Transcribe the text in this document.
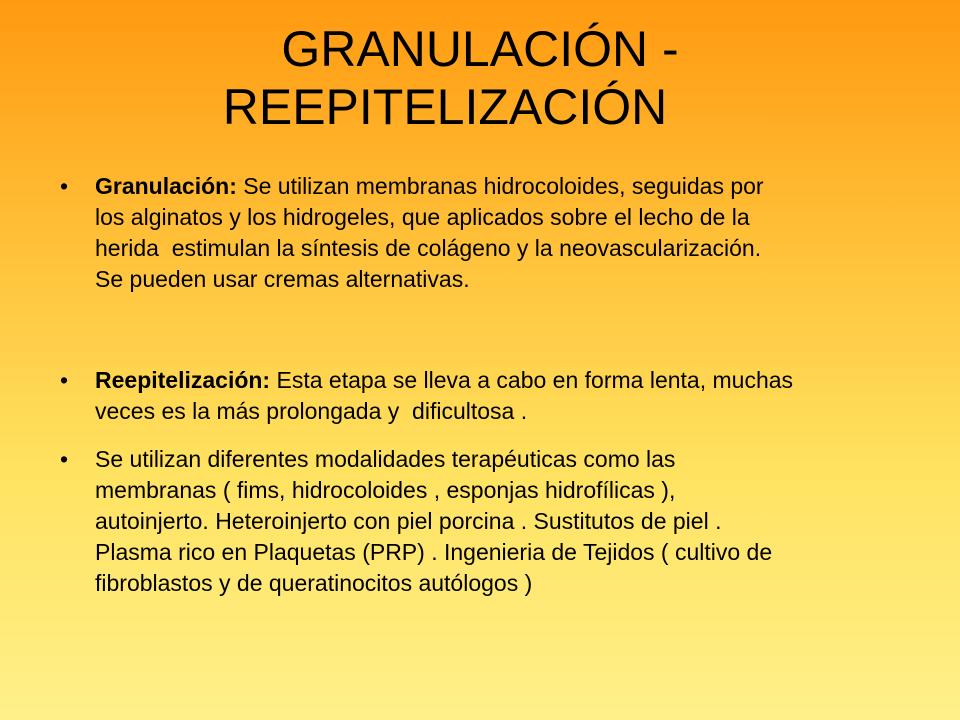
GRANULACIÓN -
REEPITELIZACIÓN
•	Granulación: Se utilizan membranas hidrocoloides, seguidas por
los alginatos y los hidrogeles, que aplicados sobre el lecho de la
herida  estimulan la síntesis de colágeno y la neovascularización.
Se pueden usar cremas alternativas.
•	Reepitelización: Esta etapa se lleva a cabo en forma lenta, muchas
veces es la más prolongada y  dificultosa .
•	Se utilizan diferentes modalidades terapéuticas como las
membranas ( fims, hidrocoloides , esponjas hidrofílicas ),
autoinjerto. Heteroinjerto con piel porcina . Sustitutos de piel .
Plasma rico en Plaquetas (PRP) . Ingenieria de Tejidos ( cultivo de
fibroblastos y de queratinocitos autólogos )
